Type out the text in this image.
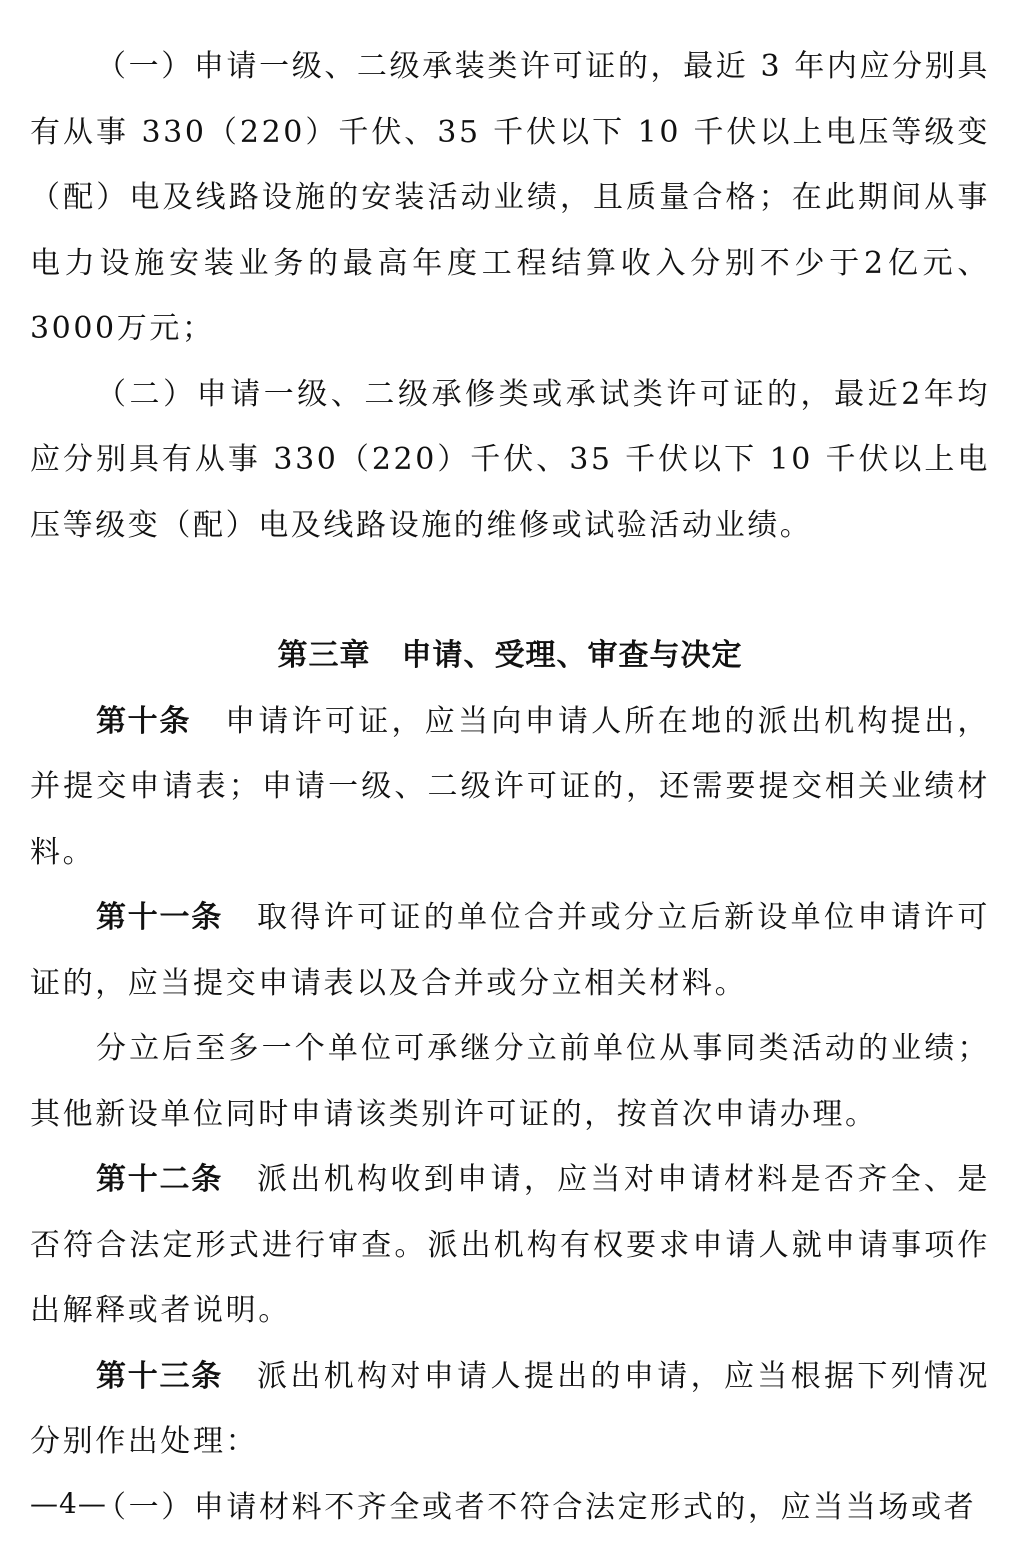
（一）申请一级、二级承装类许可证的，最近 3 年内应分别具有从事 330（220）千伏、35 千伏以下 10 千伏以上电压等级变（配）电及线路设施的安装活动业绩，且质量合格；在此期间从事电力设施安装业务的最高年度工程结算收入分别不少于2亿元、3000万元；

（二）申请一级、二级承修类或承试类许可证的，最近2年均应分别具有从事 330（220）千伏、35 千伏以下 10 千伏以上电压等级变（配）电及线路设施的维修或试验活动业绩。

第三章　申请、受理、审查与决定

第十条 申请许可证，应当向申请人所在地的派出机构提出，并提交申请表；申请一级、二级许可证的，还需要提交相关业绩材料。

第十一条 取得许可证的单位合并或分立后新设单位申请许可证的，应当提交申请表以及合并或分立相关材料。

分立后至多一个单位可承继分立前单位从事同类活动的业绩；其他新设单位同时申请该类别许可证的，按首次申请办理。

第十二条 派出机构收到申请，应当对申请材料是否齐全、是否符合法定形式进行审查。派出机构有权要求申请人就申请事项作出解释或者说明。

第十三条 派出机构对申请人提出的申请，应当根据下列情况分别作出处理：

（一）申请材料不齐全或者不符合法定形式的，应当当场或者

—4—
